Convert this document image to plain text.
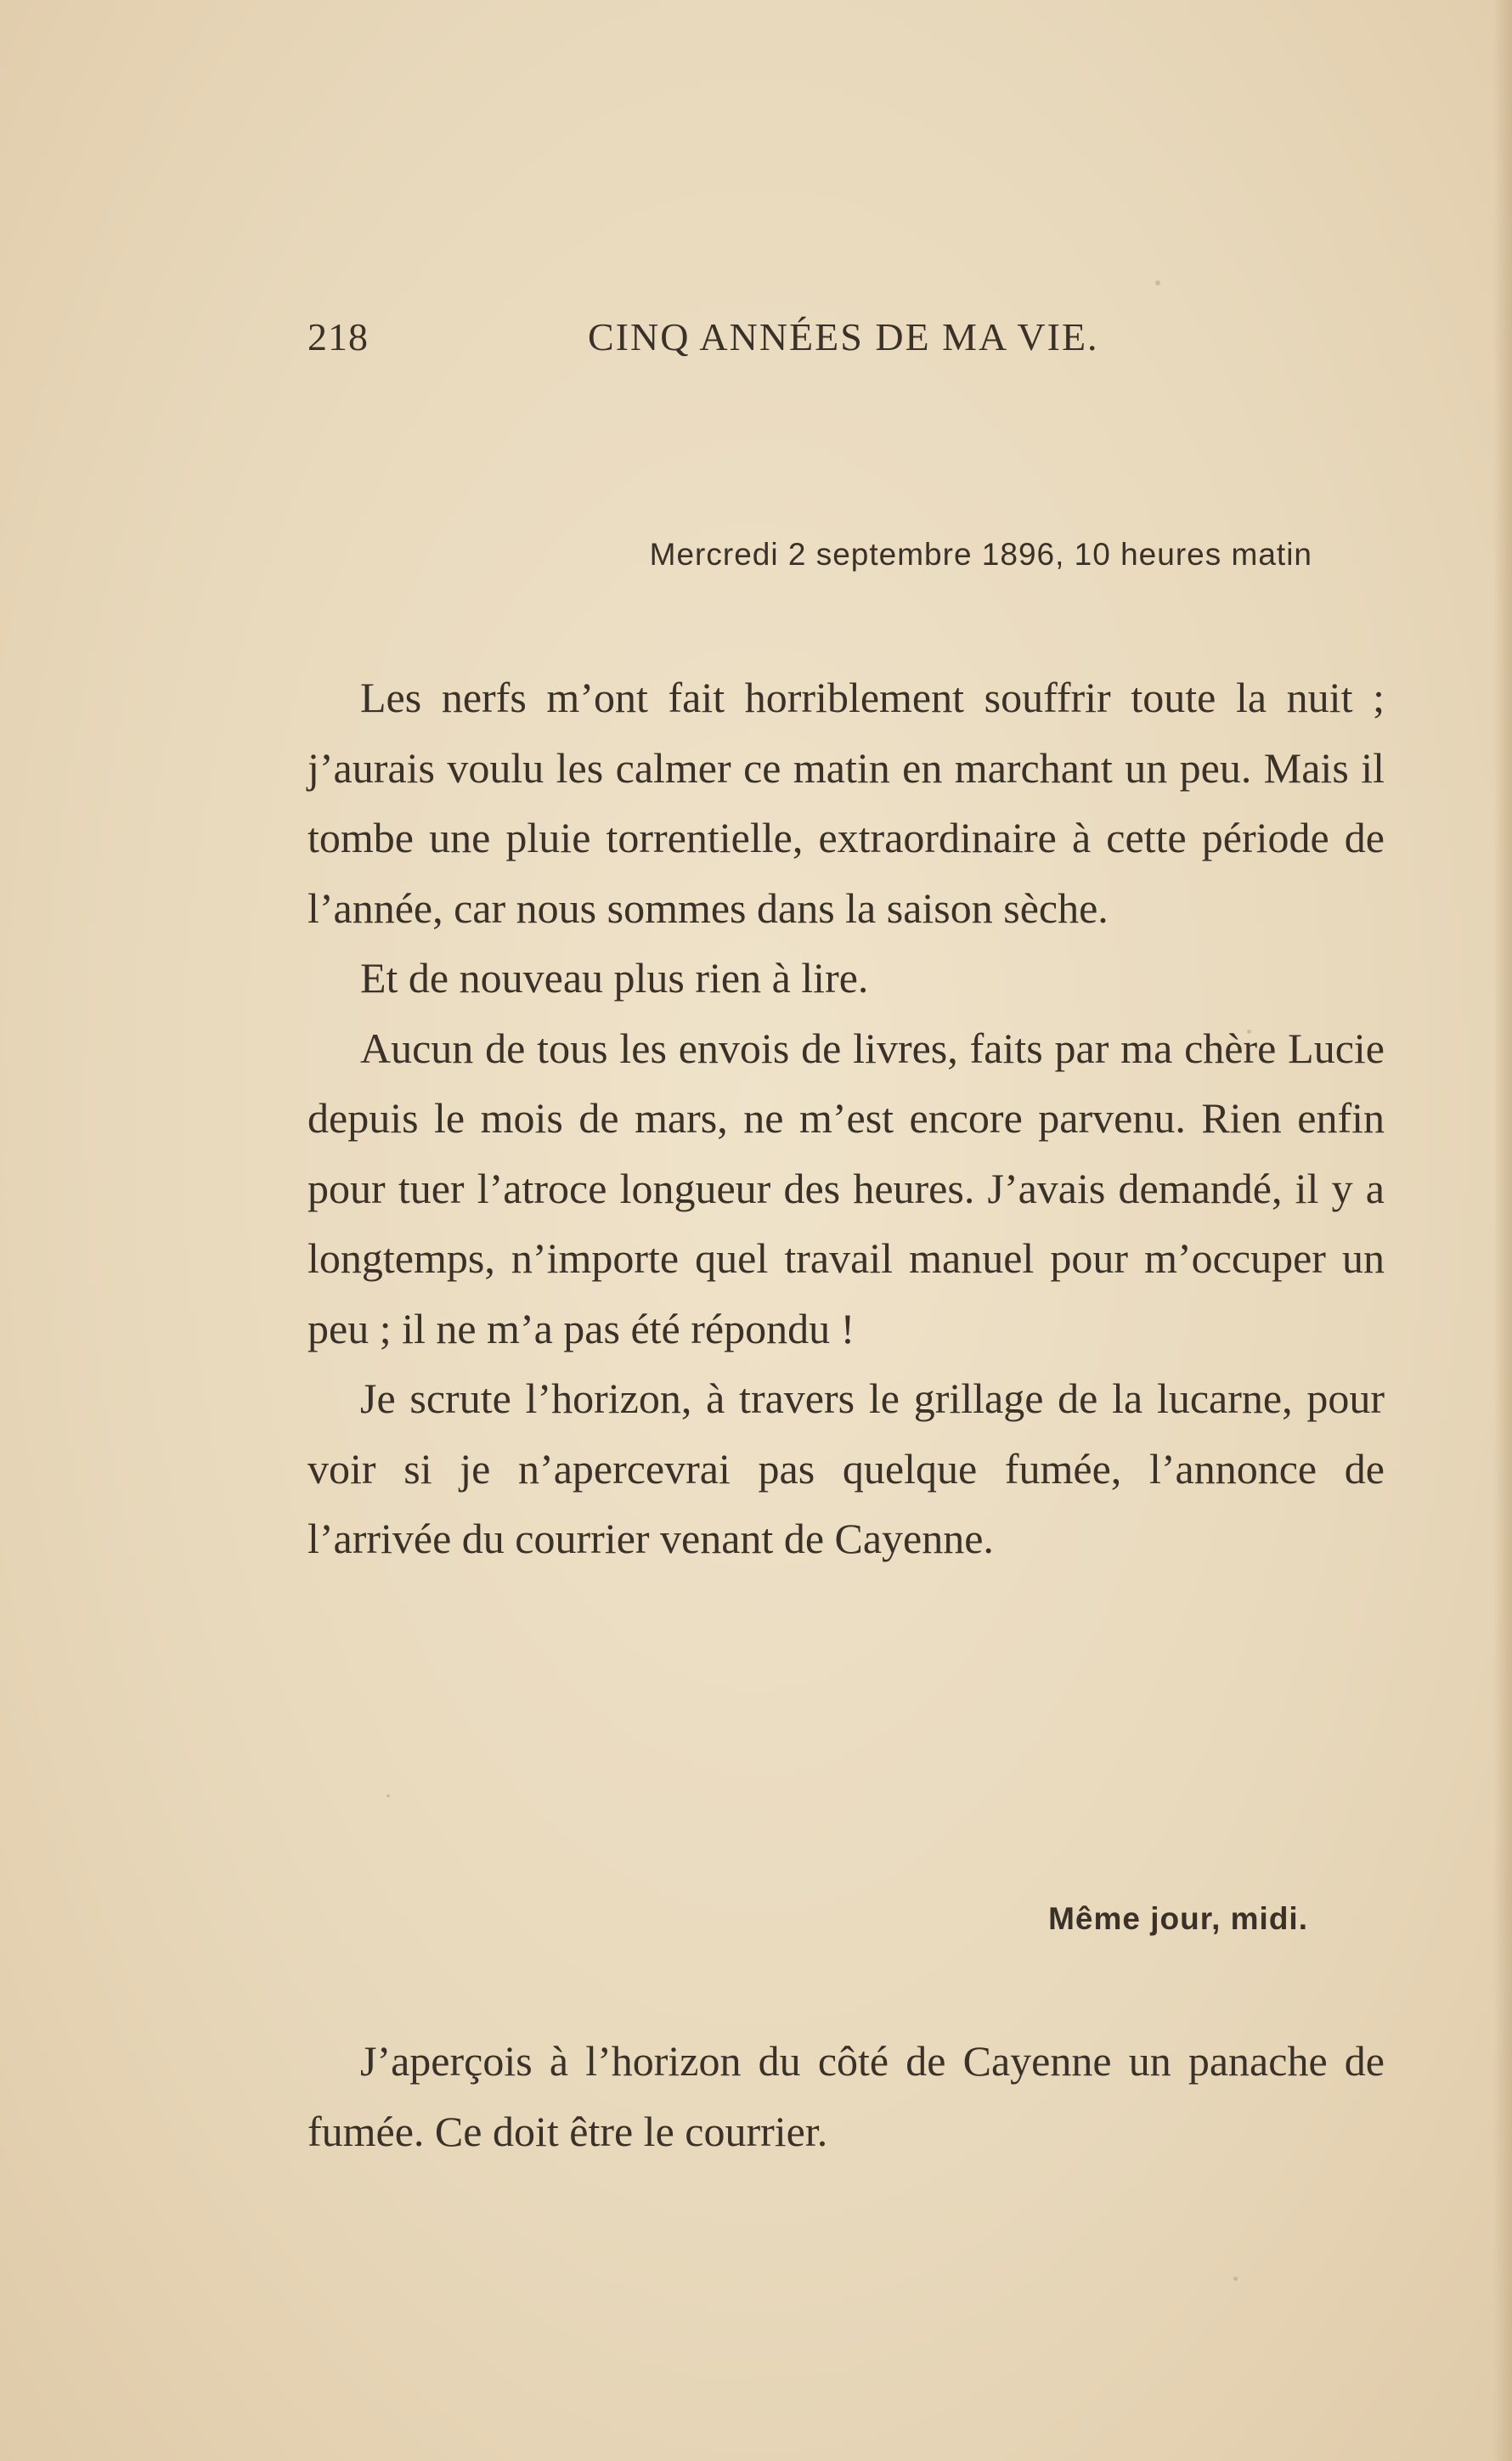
218	CINQ ANNÉES DE MA VIE.
Mercredi 2 septembre 1896, 10 heures matin

Les nerfs m’ont fait horriblement souffrir toute la nuit ; j’aurais voulu les calmer ce matin en marchant un peu. Mais il tombe une pluie torrentielle, extraordinaire à cette période de l’année, car nous sommes dans la saison sèche.

Et de nouveau plus rien à lire.

Aucun de tous les envois de livres, faits par ma chère Lucie depuis le mois de mars, ne m’est encore parvenu. Rien enfin pour tuer l’atroce longueur des heures. J’avais demandé, il y a longtemps, n’importe quel travail manuel pour m’occuper un peu ; il ne m’a pas été répondu !

Je scrute l’horizon, à travers le grillage de la lucarne, pour voir si je n’apercevrai pas quelque fumée, l’annonce de l’arrivée du courrier venant de Cayenne.

Même jour, midi.

J’aperçois à l’horizon du côté de Cayenne un panache de fumée. Ce doit être le courrier.
